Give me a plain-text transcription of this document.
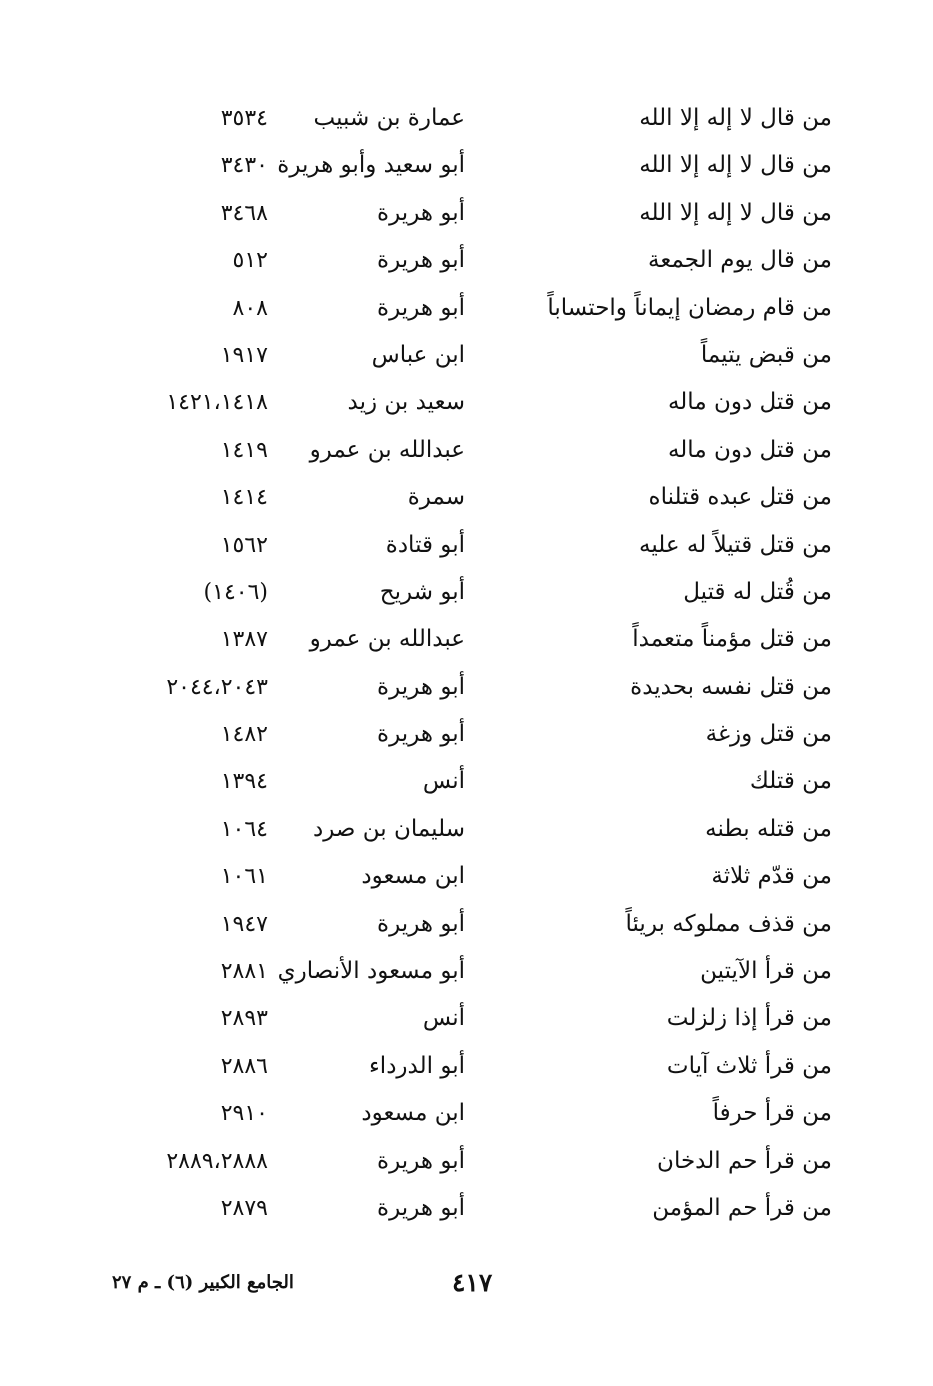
من قال لا إله إلا الله
عمارة بن شبيب
٣٥٣٤
من قال لا إله إلا الله
أبو سعيد وأبو هريرة
٣٤٣٠
من قال لا إله إلا الله
أبو هريرة
٣٤٦٨
من قال يوم الجمعة
أبو هريرة
٥١٢
من قام رمضان إيماناً واحتساباً
أبو هريرة
٨٠٨
من قبض يتيماً
ابن عباس
١٩١٧
من قتل دون ماله
سعيد بن زيد
١٤٢١،١٤١٨
من قتل دون ماله
عبدالله بن عمرو
١٤١٩
من قتل عبده قتلناه
سمرة
١٤١٤
من قتل قتيلاً له عليه
أبو قتادة
١٥٦٢
من قُتل له قتيل
أبو شريح
(١٤٠٦)
من قتل مؤمناً متعمداً
عبدالله بن عمرو
١٣٨٧
من قتل نفسه بحديدة
أبو هريرة
٢٠٤٤،٢٠٤٣
من قتل وزغة
أبو هريرة
١٤٨٢
من قتلك
أنس
١٣٩٤
من قتله بطنه
سليمان بن صرد
١٠٦٤
من قدّم ثلاثة
ابن مسعود
١٠٦١
من قذف مملوكه بريئاً
أبو هريرة
١٩٤٧
من قرأ الآيتين
أبو مسعود الأنصاري
٢٨٨١
من قرأ إذا زلزلت
أنس
٢٨٩٣
من قرأ ثلاث آيات
أبو الدرداء
٢٨٨٦
من قرأ حرفاً
ابن مسعود
٢٩١٠
من قرأ حم الدخان
أبو هريرة
٢٨٨٩،٢٨٨٨
من قرأ حم المؤمن
أبو هريرة
٢٨٧٩
الجامع الكبير (٦) ـ م ٢٧	٤١٧
